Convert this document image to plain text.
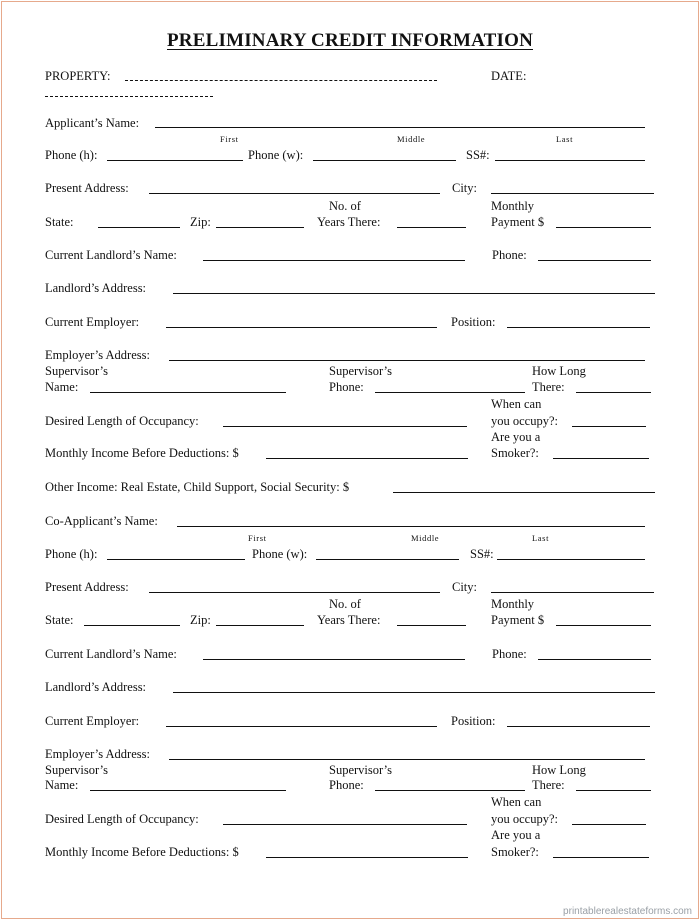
PRELIMINARY CREDIT INFORMATION
PROPERTY:	DATE:
Applicant’s Name:
First	Middle	Last
Phone (h):	Phone (w):	SS#:
Present Address:	City:
No. of	Monthly
State:	Zip:	Years There:	Payment $
Current Landlord’s Name:	Phone:
Landlord’s Address:
Current Employer:	Position:
Employer’s Address:
Supervisor’s	Supervisor’s	How Long
Name:	Phone:	There:
When can
Desired Length of Occupancy:	you occupy?:
Are you a
Monthly Income Before Deductions: $	Smoker?:
Other Income: Real Estate, Child Support, Social Security: $
Co-Applicant’s Name:
First	Middle	Last
Phone (h):	Phone (w):	SS#:
Present Address:	City:
No. of	Monthly
State:	Zip:	Years There:	Payment $
Current Landlord’s Name:	Phone:
Landlord’s Address:
Current Employer:	Position:
Employer’s Address:
Supervisor’s	Supervisor’s	How Long
Name:	Phone:	There:
When can
Desired Length of Occupancy:	you occupy?:
Are you a
Monthly Income Before Deductions: $	Smoker?:
printablerealestateforms.com
